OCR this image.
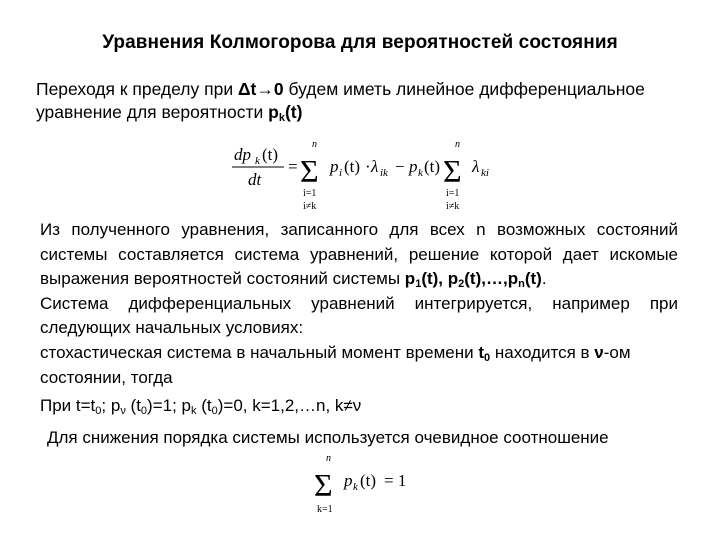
Уравнения Колмогорова для вероятностей состояния
Переходя к пределу при Δt→0 будем иметь линейное дифференциальное
уравнение для вероятности $p_k(t)$
dp k (t)
dt
=
n
Σ
i=1
i≠k
p i (t) · λ ik − p k (t)
n
Σ
i=1
i≠k
λ ki
Из полученного уравнения, записанного для всех n возможных состояний
системы составляется система уравнений, решение которой дает искомые
выражения вероятностей состояний системы $p_1(t)$, $p_2(t),\dots,p_n(t)$.
Система дифференциальных уравнений интегрируется, например при
следующих начальных условиях:
стохастическая система в начальный момент времени $t_0$ находится в ν-ом
состоянии, тогда
При $t=t_0$; $p_\nu$ $(t_0)=1$; $p_k$ $(t_0)=0$, k=1,2,…n, k≠ν
Для снижения порядка системы используется очевидное соотношение
n
Σ
k=1
p k (t) = 1
